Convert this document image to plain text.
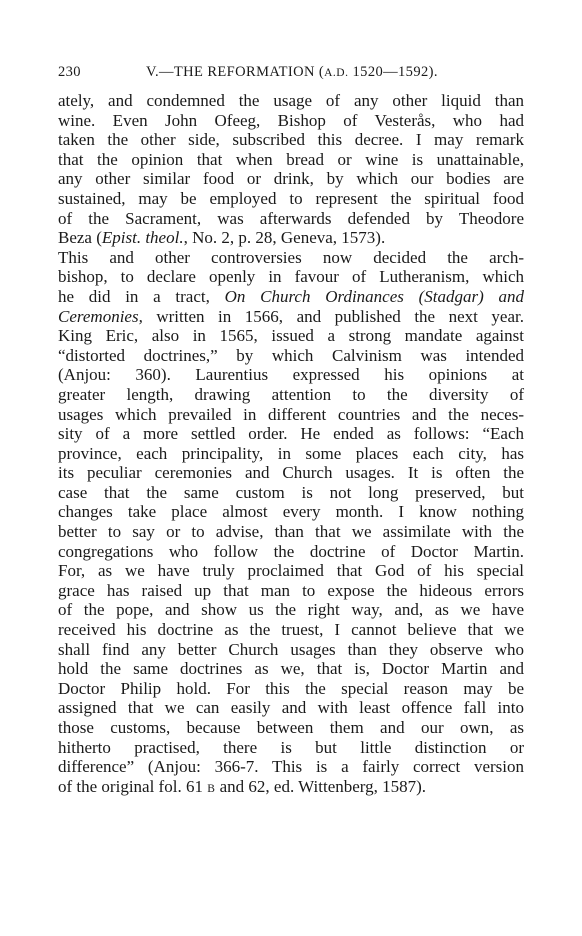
230	V.—THE REFORMATION (A.D. 1520—1592).
ately, and condemned the usage of any other liquid than
wine. Even John Ofeeg, Bishop of Vesterås, who had
taken the other side, subscribed this decree. I may remark
that the opinion that when bread or wine is unattainable,
any other similar food or drink, by which our bodies are
sustained, may be employed to represent the spiritual food
of the Sacrament, was afterwards defended by Theodore
Beza (Epist. theol., No. 2, p. 28, Geneva, 1573).
This and other controversies now decided the arch-
bishop, to declare openly in favour of Lutheranism, which
he did in a tract, On Church Ordinances (Stadgar) and
Ceremonies, written in 1566, and published the next year.
King Eric, also in 1565, issued a strong mandate against
“distorted doctrines,” by which Calvinism was intended
(Anjou: 360). Laurentius expressed his opinions at
greater length, drawing attention to the diversity of
usages which prevailed in different countries and the neces-
sity of a more settled order. He ended as follows: “Each
province, each principality, in some places each city, has
its peculiar ceremonies and Church usages. It is often the
case that the same custom is not long preserved, but
changes take place almost every month. I know nothing
better to say or to advise, than that we assimilate with the
congregations who follow the doctrine of Doctor Martin.
For, as we have truly proclaimed that God of his special
grace has raised up that man to expose the hideous errors
of the pope, and show us the right way, and, as we have
received his doctrine as the truest, I cannot believe that we
shall find any better Church usages than they observe who
hold the same doctrines as we, that is, Doctor Martin and
Doctor Philip hold. For this the special reason may be
assigned that we can easily and with least offence fall into
those customs, because between them and our own, as
hitherto practised, there is but little distinction or
difference” (Anjou: 366-7. This is a fairly correct version
of the original fol. 61 B and 62, ed. Wittenberg, 1587).
